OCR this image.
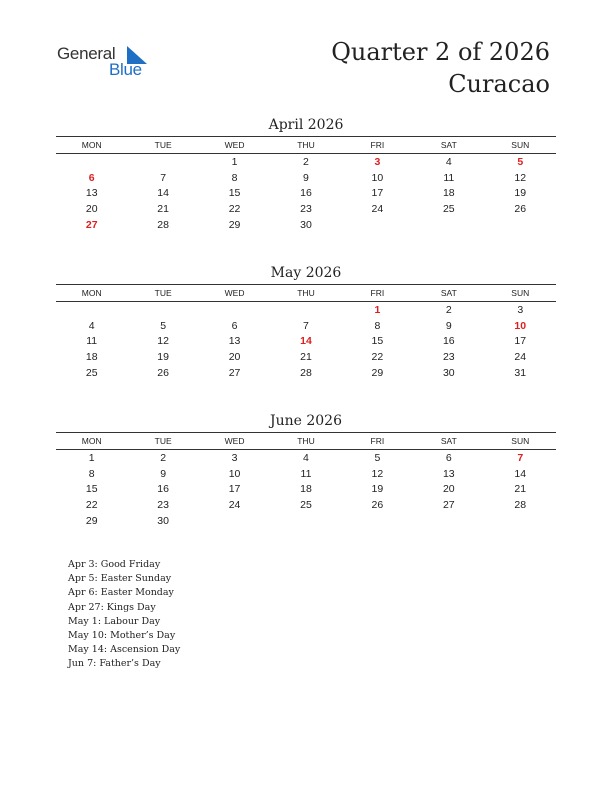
General
Blue
Quarter 2 of 2026
Curacao
April 2026
MON	TUE	WED	THU	FRI	SAT	SUN
		1	2	3	4	5
6	7	8	9	10	11	12
13	14	15	16	17	18	19
20	21	22	23	24	25	26
27	28	29	30			
May 2026
MON	TUE	WED	THU	FRI	SAT	SUN
				1	2	3
4	5	6	7	8	9	10
11	12	13	14	15	16	17
18	19	20	21	22	23	24
25	26	27	28	29	30	31
June 2026
MON	TUE	WED	THU	FRI	SAT	SUN
1	2	3	4	5	6	7
8	9	10	11	12	13	14
15	16	17	18	19	20	21
22	23	24	25	26	27	28
29	30					
Apr 3: Good Friday
Apr 5: Easter Sunday
Apr 6: Easter Monday
Apr 27: Kings Day
May 1: Labour Day
May 10: Mother’s Day
May 14: Ascension Day
Jun 7: Father’s Day
